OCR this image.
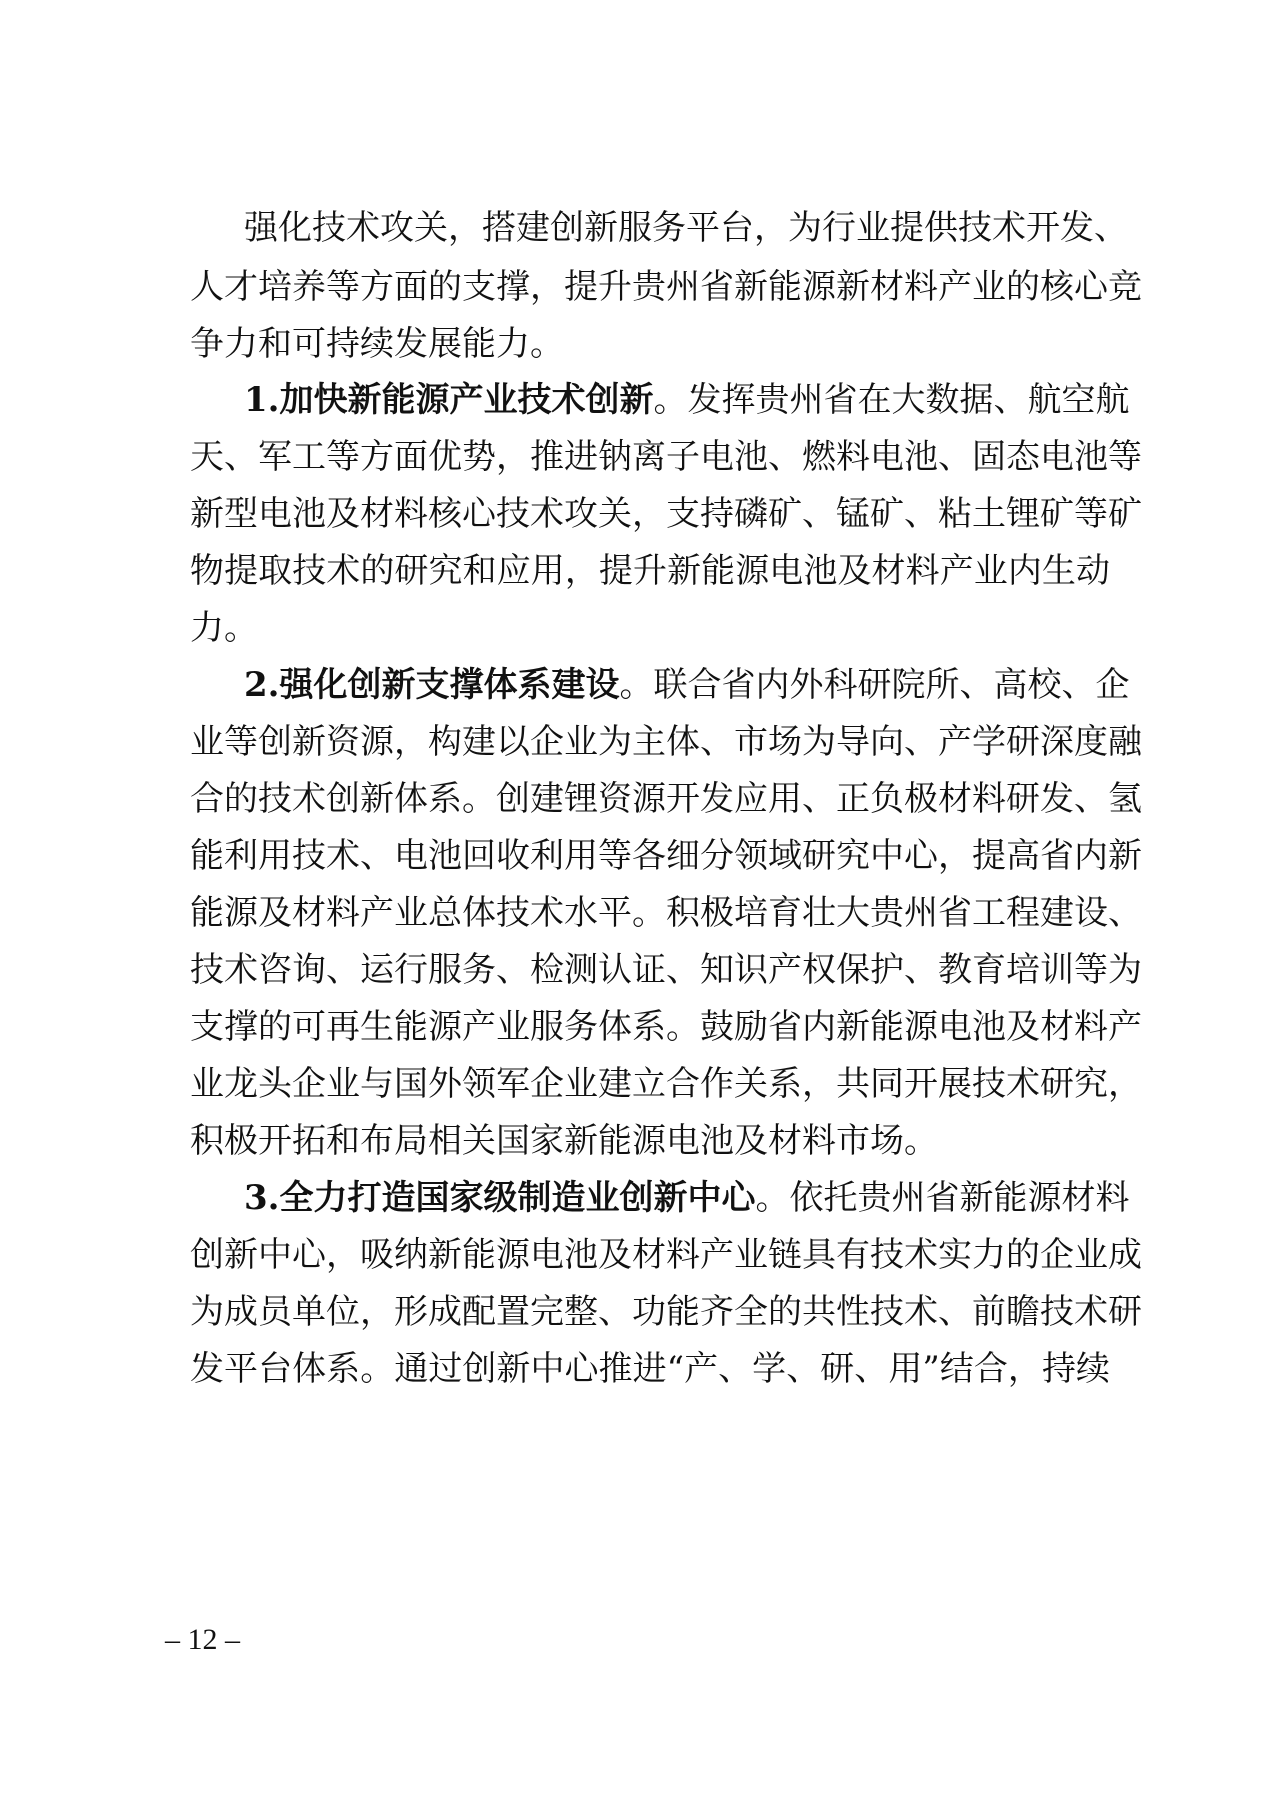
强化技术攻关，搭建创新服务平台，为行业提供技术开发、
人才培养等方面的支撑，提升贵州省新能源新材料产业的核心竞
争力和可持续发展能力。
1.加快新能源产业技术创新。发挥贵州省在大数据、航空航
天、军工等方面优势，推进钠离子电池、燃料电池、固态电池等
新型电池及材料核心技术攻关，支持磷矿、锰矿、粘土锂矿等矿
物提取技术的研究和应用，提升新能源电池及材料产业内生动
力。
2.强化创新支撑体系建设。联合省内外科研院所、高校、企
业等创新资源，构建以企业为主体、市场为导向、产学研深度融
合的技术创新体系。创建锂资源开发应用、正负极材料研发、氢
能利用技术、电池回收利用等各细分领域研究中心，提高省内新
能源及材料产业总体技术水平。积极培育壮大贵州省工程建设、
技术咨询、运行服务、检测认证、知识产权保护、教育培训等为
支撑的可再生能源产业服务体系。鼓励省内新能源电池及材料产
业龙头企业与国外领军企业建立合作关系，共同开展技术研究，
积极开拓和布局相关国家新能源电池及材料市场。
3.全力打造国家级制造业创新中心。依托贵州省新能源材料
创新中心，吸纳新能源电池及材料产业链具有技术实力的企业成
为成员单位，形成配置完整、功能齐全的共性技术、前瞻技术研
发平台体系。通过创新中心推进“产、学、研、用”结合，持续
– 12 –
